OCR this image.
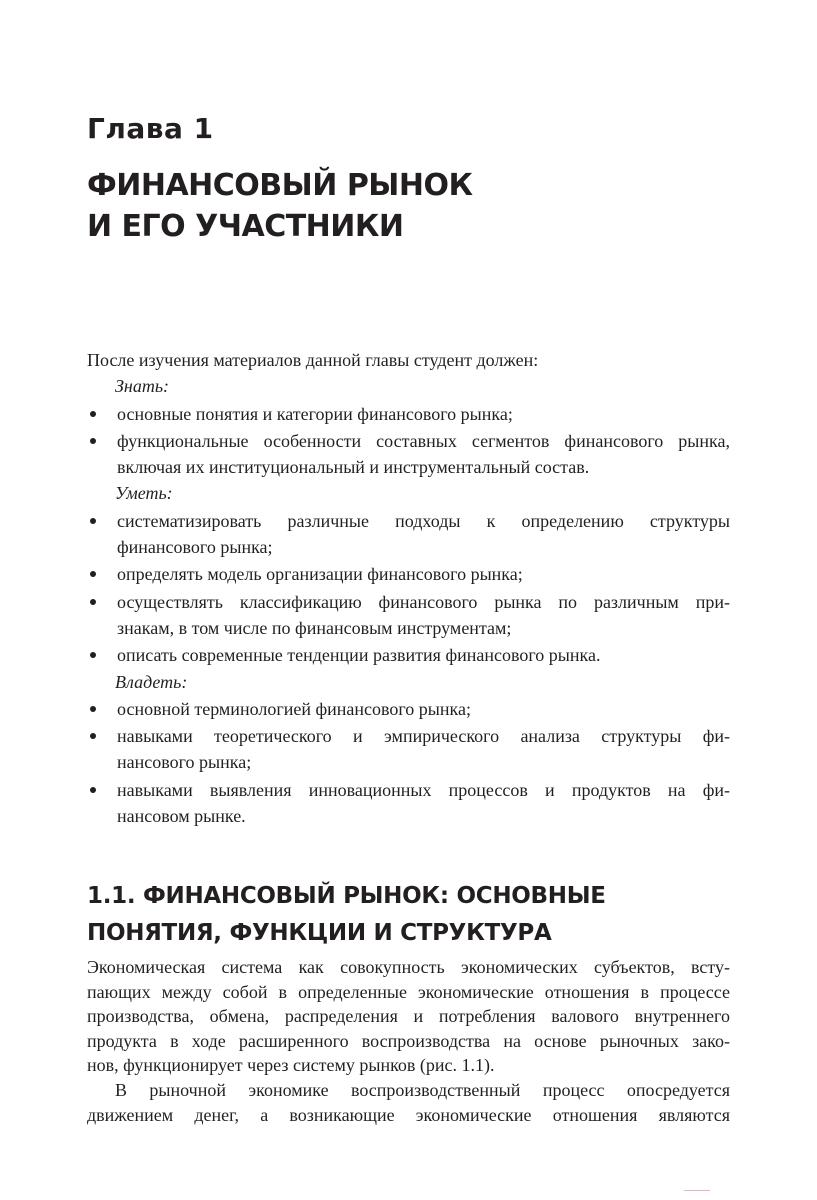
Глава 1
ФИНАНСОВЫЙ РЫНОК
И ЕГО УЧАСТНИКИ
После изучения материалов данной главы студент должен:
Знать:
основные понятия и категории финансового рынка;
функциональные особенности составных сегментов финансового рынка,
включая их институциональный и инструментальный состав.
Уметь:
систематизировать различные подходы к определению структуры
финансового рынка;
определять модель организации финансового рынка;
осуществлять классификацию финансового рынка по различным при-
знакам, в том числе по финансовым инструментам;
описать современные тенденции развития финансового рынка.
Владеть:
основной терминологией финансового рынка;
навыками теоретического и эмпирического анализа структуры фи-
нансового рынка;
навыками выявления инновационных процессов и продуктов на фи-
нансовом рынке.
1.1. ФИНАНСОВЫЙ РЫНОК: ОСНОВНЫЕ
ПОНЯТИЯ, ФУНКЦИИ И СТРУКТУРА
Экономическая система как совокупность экономических субъектов, всту-
пающих между собой в определенные экономические отношения в процессе
производства, обмена, распределения и потребления валового внутреннего
продукта в ходе расширенного воспроизводства на основе рыночных зако-
нов, функционирует через систему рынков (рис. 1.1).
В рыночной экономике воспроизводственный процесс опосредуется
движением денег, а возникающие экономические отношения являются
